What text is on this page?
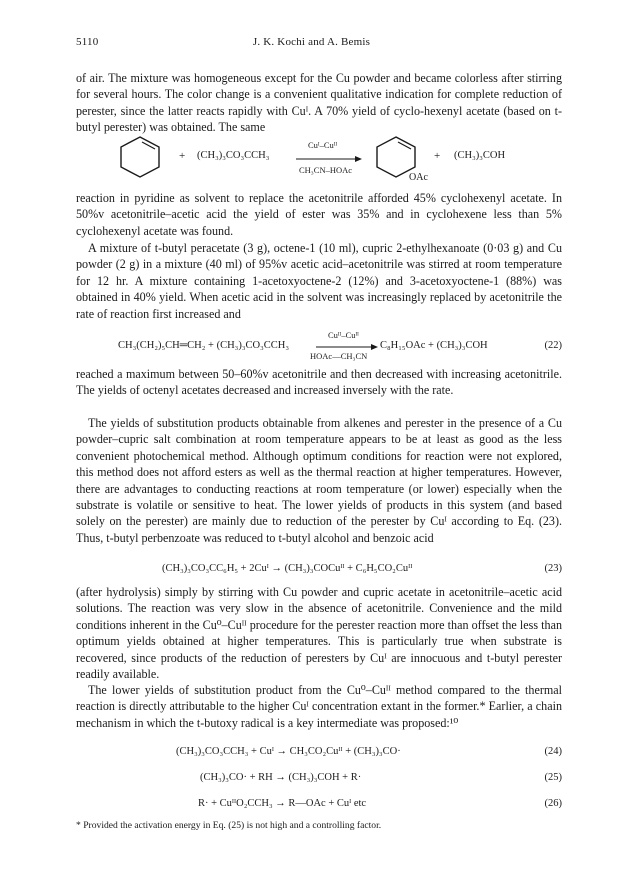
5110	J. K. Kochi and A. Bemis

of air. The mixture was homogeneous except for the Cu powder and became colorless after stirring for several hours. The color change is a convenient qualitative indication for complete reduction of perester, since the latter reacts rapidly with Cuᴵ. A 70% yield of cyclo-hexenyl acetate (based on t-butyl perester) was obtained. The same

+ (CH₃)₃CO₃CCH₃
Cuᴵ–Cuᴵᴵ
CH₃CN–HOAc
OAc
+ (CH₃)₃COH

reaction in pyridine as solvent to replace the acetonitrile afforded 45% cyclohexenyl acetate. In 50%v acetonitrile–acetic acid the yield of ester was 35% and in cyclohexene less than 5% cyclohexenyl acetate was found.

A mixture of t-butyl peracetate (3 g), octene-1 (10 ml), cupric 2-ethylhexanoate (0·03 g) and Cu powder (2 g) in a mixture (40 ml) of 95%v acetic acid–acetonitrile was stirred at room temperature for 12 hr. A mixture containing 1-acetoxyoctene-2 (12%) and 3-acetoxyoctene-1 (88%) was obtained in 40% yield. When acetic acid in the solvent was increasingly replaced by acetonitrile the rate of reaction first increased and

CH₃(CH₂)₅CH═CH₂ + (CH₃)₃CO₃CCH₃
Cuᴵᴵ–Cuᴵᴵ
HOAc—CH₃CN
C₈H₁₅OAc + (CH₃)₃COH	(22)

reached a maximum between 50–60%v acetonitrile and then decreased with increasing acetonitrile. The yields of octenyl acetates decreased and increased inversely with the rate.

The yields of substitution products obtainable from alkenes and perester in the presence of a Cu powder–cupric salt combination at room temperature appears to be at least as good as the less convenient photochemical method. Although optimum conditions for reaction were not explored, this method does not afford esters as well as the thermal reaction at higher temperatures. However, there are advantages to conducting reactions at room temperature (or lower) especially when the substrate is volatile or sensitive to heat. The lower yields of products in this system (and based solely on the perester) are mainly due to reduction of the perester by Cuᴵ according to Eq. (23). Thus, t-butyl perbenzoate was reduced to t-butyl alcohol and benzoic acid

(CH₃)₃CO₃CC₆H₅ + 2Cuᴵ → (CH₃)₃COCuᴵᴵ + C₆H₅CO₂Cuᴵᴵ	(23)

(after hydrolysis) simply by stirring with Cu powder and cupric acetate in acetonitrile–acetic acid solutions. The reaction was very slow in the absence of acetonitrile. Convenience and the mild conditions inherent in the Cu⁰–Cuᴵᴵ procedure for the perester reaction more than offset the less than optimum yields obtained at higher temperatures. This is particularly true when substrate is recovered, since products of the reduction of peresters by Cuᴵ are innocuous and t-butyl perester readily available.

The lower yields of substitution product from the Cu⁰–Cuᴵᴵ method compared to the thermal reaction is directly attributable to the higher Cuᴵ concentration extant in the former.* Earlier, a chain mechanism in which the t-butoxy radical is a key intermediate was proposed:¹⁰

(CH₃)₃CO₃CCH₃ + Cuᴵ → CH₃CO₂Cuᴵᴵ + (CH₃)₃CO·	(24)
(CH₃)₃CO· + RH → (CH₃)₃COH + R·	(25)
R· + CuᴵᴵO₂CCH₃ → R—OAc + Cuᴵ etc	(26)
* Provided the activation energy in Eq. (25) is not high and a controlling factor.
